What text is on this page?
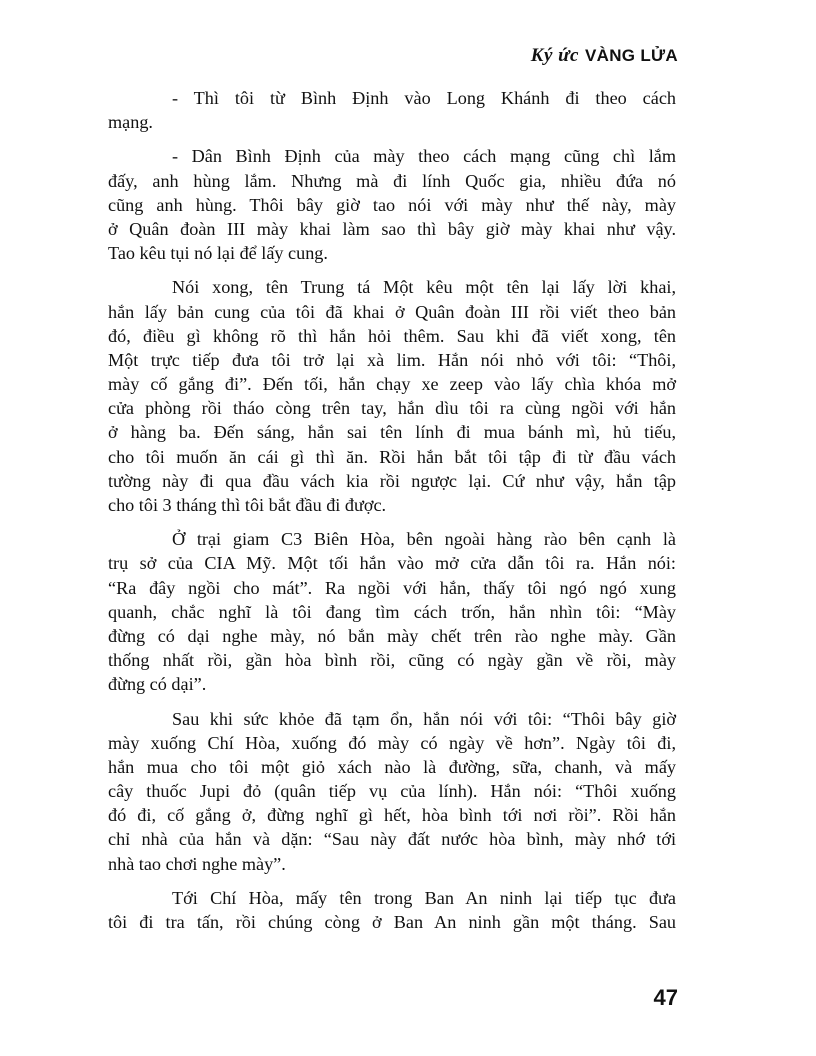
Ký ức VÀNG LỬA
- Thì tôi từ Bình Định vào Long Khánh đi theo cách
mạng.
- Dân Bình Định của mày theo cách mạng cũng chì lắm
đấy, anh hùng lắm. Nhưng mà đi lính Quốc gia, nhiều đứa nó
cũng anh hùng. Thôi bây giờ tao nói với mày như thế này, mày
ở Quân đoàn III mày khai làm sao thì bây giờ mày khai như vậy.
Tao kêu tụi nó lại để lấy cung.
Nói xong, tên Trung tá Một kêu một tên lại lấy lời khai,
hắn lấy bản cung của tôi đã khai ở Quân đoàn III rồi viết theo bản
đó, điều gì không rõ thì hắn hỏi thêm. Sau khi đã viết xong, tên
Một trực tiếp đưa tôi trở lại xà lim. Hắn nói nhỏ với tôi: “Thôi,
mày cố gắng đi”. Đến tối, hắn chạy xe zeep vào lấy chìa khóa mở
cửa phòng rồi tháo còng trên tay, hắn dìu tôi ra cùng ngồi với hắn
ở hàng ba. Đến sáng, hắn sai tên lính đi mua bánh mì, hủ tiếu,
cho tôi muốn ăn cái gì thì ăn. Rồi hắn bắt tôi tập đi từ đầu vách
tường này đi qua đầu vách kia rồi ngược lại. Cứ như vậy, hắn tập
cho tôi 3 tháng thì tôi bắt đầu đi được.
Ở trại giam C3 Biên Hòa, bên ngoài hàng rào bên cạnh là
trụ sở của CIA Mỹ. Một tối hắn vào mở cửa dẫn tôi ra. Hắn nói:
“Ra đây ngồi cho mát”. Ra ngồi với hắn, thấy tôi ngó ngó xung
quanh, chắc nghĩ là tôi đang tìm cách trốn, hắn nhìn tôi: “Mày
đừng có dại nghe mày, nó bắn mày chết trên rào nghe mày. Gần
thống nhất rồi, gần hòa bình rồi, cũng có ngày gần về rồi, mày
đừng có dại”.
Sau khi sức khỏe đã tạm ổn, hắn nói với tôi: “Thôi bây giờ
mày xuống Chí Hòa, xuống đó mày có ngày về hơn”. Ngày tôi đi,
hắn mua cho tôi một giỏ xách nào là đường, sữa, chanh, và mấy
cây thuốc Jupi đỏ (quân tiếp vụ của lính). Hắn nói: “Thôi xuống
đó đi, cố gắng ở, đừng nghĩ gì hết, hòa bình tới nơi rồi”. Rồi hắn
chỉ nhà của hắn và dặn: “Sau này đất nước hòa bình, mày nhớ tới
nhà tao chơi nghe mày”.
Tới Chí Hòa, mấy tên trong Ban An ninh lại tiếp tục đưa
tôi đi tra tấn, rồi chúng còng ở Ban An ninh gần một tháng. Sau
47
